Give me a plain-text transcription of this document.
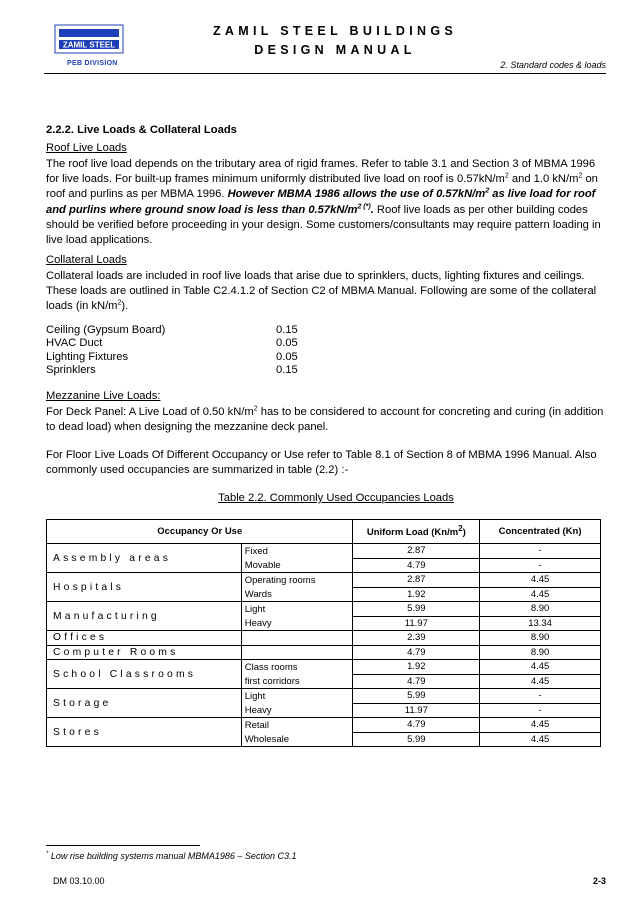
ZAMIL STEEL
PEB DIVISION
ZAMIL STEEL BUILDINGS
DESIGN MANUAL
2. Standard codes & loads
2.2.2. Live Loads & Collateral Loads
Roof Live Loads
The roof live load depends on the tributary area of rigid frames. Refer to table 3.1 and Section 3 of MBMA 1996 for live loads. For built-up frames minimum uniformly distributed live load on roof is $0.57kN/m^2$ and 1.0 $kN/m^2$ on roof and purlins as per MBMA 1996. However MBMA 1986 allows the use of $0.57kN/m^2$ as live load for roof and purlins where ground snow load is less than $0.57kN/m^{2 (*)}$. Roof live loads as per other building codes should be verified before proceeding in your design. Some customers/consultants may require pattern loading in live load applications.
Collateral Loads
Collateral loads are included in roof live loads that arise due to sprinklers, ducts, lighting fixtures and ceilings. These loads are outlined in Table C2.4.1.2 of Section C2 of MBMA Manual. Following are some of the collateral loads (in $kN/m^2$).
Ceiling (Gypsum Board)	0.15
HVAC Duct	0.05
Lighting Fixtures	0.05
Sprinklers	0.15
Mezzanine Live Loads:
For Deck Panel: A Live Load of 0.50 $kN/m^2$ has to be considered to account for concreting and curing (in addition to dead load) when designing the mezzanine deck panel.
For Floor Live Loads Of Different Occupancy or Use refer to Table 8.1 of Section 8 of MBMA 1996 Manual. Also commonly used occupancies are summarized in table (2.2) :-
Table 2.2. Commonly Used Occupancies Loads
Occupancy Or Use		Uniform Load $(Kn/m^2)$	Concentrated (Kn)
Assembly areas	Fixed	2.87	-
	Movable	4.79	-
Hospitals	Operating rooms	2.87	4.45
	Wards	1.92	4.45
Manufacturing	Light	5.99	8.90
	Heavy	11.97	13.34
Offices		2.39	8.90
Computer Rooms		4.79	8.90
School Classrooms	Class rooms	1.92	4.45
	first corridors	4.79	4.45
Storage	Light	5.99	-
	Heavy	11.97	-
Stores	Retail	4.79	4.45
	Wholesale	5.99	4.45
* Low rise building systems manual MBMA1986 – Section C3.1
DM 03.10.00	2-3
